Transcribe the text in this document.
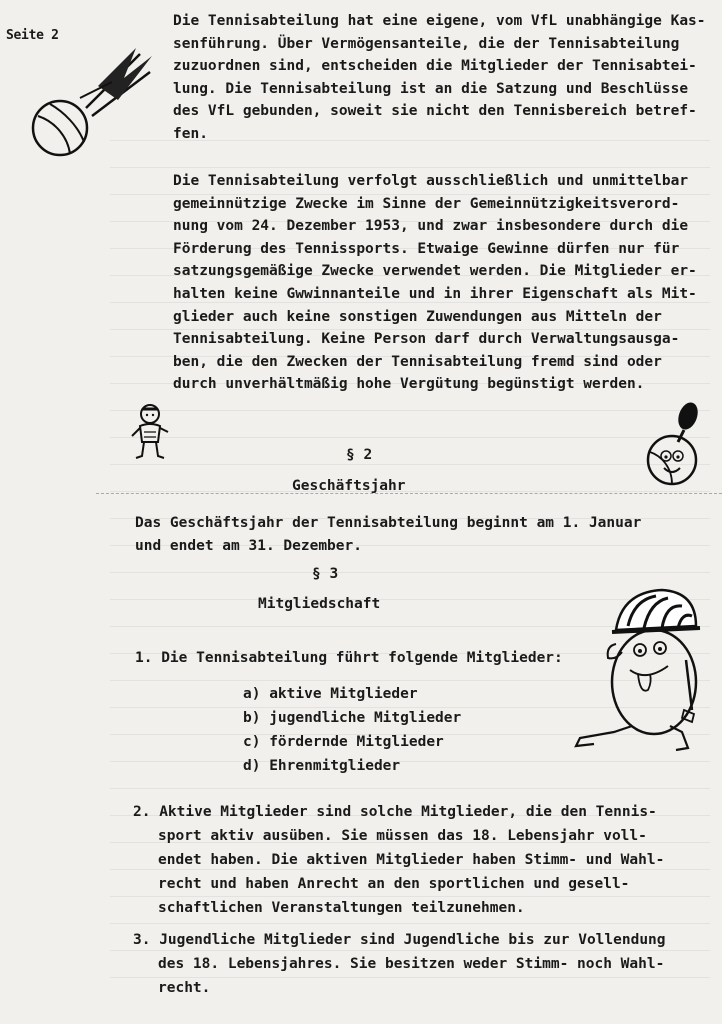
Seite 2
Die Tennisabteilung hat eine eigene, vom VfL unabhängige Kas-
senführung. Über Vermögensanteile, die der Tennisabteilung
zuzuordnen sind, entscheiden die Mitglieder der Tennisabtei-
lung. Die Tennisabteilung ist an die Satzung und Beschlüsse
des VfL gebunden, soweit sie nicht den Tennisbereich betref-
fen.
Die Tennisabteilung verfolgt ausschließlich und unmittelbar
gemeinnützige Zwecke im Sinne der Gemeinnützigkeitsverord-
nung vom 24. Dezember 1953, und zwar insbesondere durch die
Förderung des Tennissports. Etwaige Gewinne dürfen nur für
satzungsgemäßige Zwecke verwendet werden. Die Mitglieder er-
halten keine Gwwinnanteile und in ihrer Eigenschaft als Mit-
glieder auch keine sonstigen Zuwendungen aus Mitteln der
Tennisabteilung. Keine Person darf durch Verwaltungsausga-
ben, die den Zwecken der Tennisabteilung fremd sind oder
durch unverhältmäßig hohe Vergütung begünstigt werden.
§ 2
Geschäftsjahr
Das Geschäftsjahr der Tennisabteilung beginnt am 1. Januar
und endet am 31. Dezember.
§ 3
Mitgliedschaft
1. Die Tennisabteilung führt folgende Mitglieder:
a) aktive Mitglieder
b) jugendliche Mitglieder
c) fördernde Mitglieder
d) Ehrenmitglieder
2. Aktive Mitglieder sind solche Mitglieder, die den Tennis-
sport aktiv ausüben. Sie müssen das 18. Lebensjahr voll-
endet haben. Die aktiven Mitglieder haben Stimm- und Wahl-
recht und haben Anrecht an den sportlichen und gesell-
schaftlichen Veranstaltungen teilzunehmen.
3. Jugendliche Mitglieder sind Jugendliche bis zur Vollendung
des 18. Lebensjahres. Sie besitzen weder Stimm- noch Wahl-
recht.
